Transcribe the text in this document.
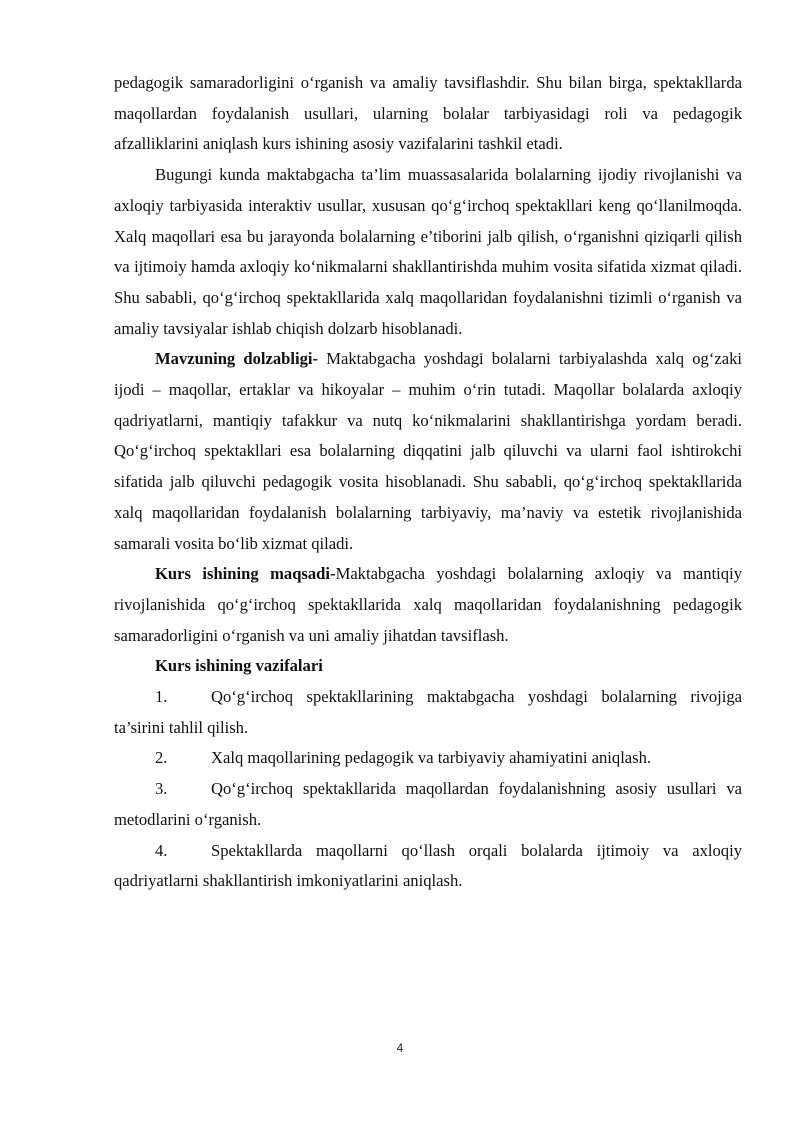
pedagogik samaradorligini o‘rganish va amaliy tavsiflashdir. Shu bilan birga, spektakllarda maqollardan foydalanish usullari, ularning bolalar tarbiyasidagi roli va pedagogik afzalliklarini aniqlash kurs ishining asosiy vazifalarini tashkil etadi.

Bugungi kunda maktabgacha ta’lim muassasalarida bolalarning ijodiy rivojlanishi va axloqiy tarbiyasida interaktiv usullar, xususan qo‘g‘irchoq spektakllari keng qo‘llanilmoqda. Xalq maqollari esa bu jarayonda bolalarning e’tiborini jalb qilish, o‘rganishni qiziqarli qilish va ijtimoiy hamda axloqiy ko‘nikmalarni shakllantirishda muhim vosita sifatida xizmat qiladi. Shu sababli, qo‘g‘irchoq spektakllarida xalq maqollaridan foydalanishni tizimli o‘rganish va amaliy tavsiyalar ishlab chiqish dolzarb hisoblanadi.

Mavzuning dolzabligi- Maktabgacha yoshdagi bolalarni tarbiyalashda xalq og‘zaki ijodi – maqollar, ertaklar va hikoyalar – muhim o‘rin tutadi. Maqollar bolalarda axloqiy qadriyatlarni, mantiqiy tafakkur va nutq ko‘nikmalarini shakllantirishga yordam beradi. Qo‘g‘irchoq spektakllari esa bolalarning diqqatini jalb qiluvchi va ularni faol ishtirokchi sifatida jalb qiluvchi pedagogik vosita hisoblanadi. Shu sababli, qo‘g‘irchoq spektakllarida xalq maqollaridan foydalanish bolalarning tarbiyaviy, ma’naviy va estetik rivojlanishida samarali vosita bo‘lib xizmat qiladi.

Kurs ishining maqsadi-Maktabgacha yoshdagi bolalarning axloqiy va mantiqiy rivojlanishida qo‘g‘irchoq spektakllarida xalq maqollaridan foydalanishning pedagogik samaradorligini o‘rganish va uni amaliy jihatdan tavsiflash.

Kurs ishining vazifalari

1.	Qo‘g‘irchoq spektakllarining maktabgacha yoshdagi bolalarning rivojiga ta’sirini tahlil qilish.

2.	Xalq maqollarining pedagogik va tarbiyaviy ahamiyatini aniqlash.

3.	Qo‘g‘irchoq spektakllarida maqollardan foydalanishning asosiy usullari va metodlarini o‘rganish.

4.	Spektakllarda maqollarni qo‘llash orqali bolalarda ijtimoiy va axloqiy qadriyatlarni shakllantirish imkoniyatlarini aniqlash.

4
